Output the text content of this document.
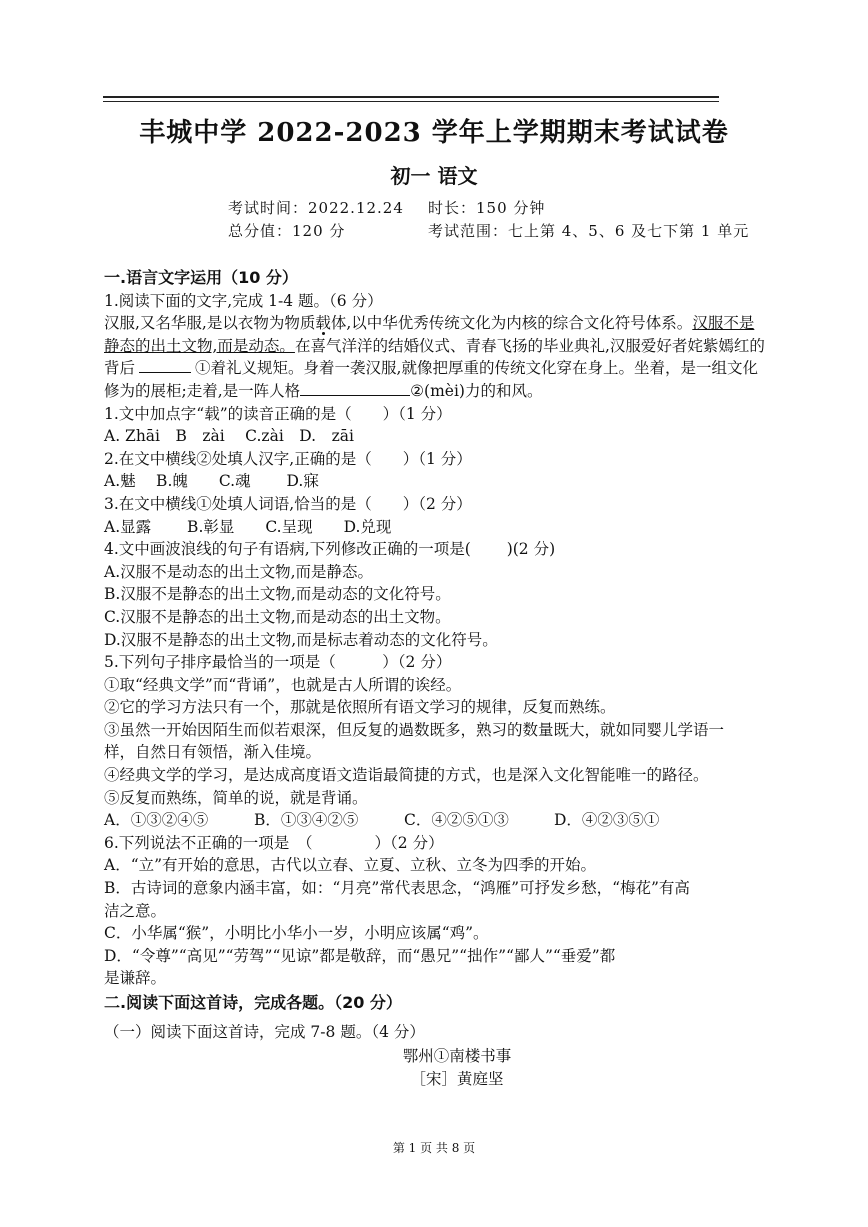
丰城中学 2022-2023 学年上学期期末考试试卷
初一 语文
考试时间：2022.12.24 时长：150 分钟
总分值：120 分	考试范围：七上第 4、5、6 及七下第 1 单元
一.语言文字运用（10 分）
1.阅读下面的文字,完成 1-4 题。（6 分）
汉服,又名华服,是以衣物为物质载体,以中华优秀传统文化为内核的综合文化符号体系。汉服不是
静态的出土文物,而是动态。在喜气洋洋的结婚仪式、青春飞扬的毕业典礼,汉服爱好者姹紫嫣红的
背后	①着礼义规矩。身着一袭汉服,就像把厚重的传统文化穿在身上。坐着，是一组文化
修为的展柜;走着,是一阵人格	②(mèi)力的和风。
1.文中加点字“载”的读音正确的是（　　）（1 分）
A. Zhāi　B　zài　 C.zài　D.　zāi
2.在文中横线②处填人汉字,正确的是（　　）（1 分）
A.魅　 B.魄　　C.魂　　 D.寐
3.在文中横线①处填人词语,恰当的是（　　）（2 分）
A.显露　　 B.彰显　　C.呈现　　D.兑现
4.文中画波浪线的句子有语病,下列修改正确的一项是(　　 )(2 分)
A.汉服不是动态的出土文物,而是静态。
B.汉服不是静态的出土文物,而是动态的文化符号。
C.汉服不是静态的出土文物,而是动态的出土文物。
D.汉服不是静态的出土文物,而是标志着动态的文化符号。
5.下列句子排序最恰当的一项是（　　　）（2 分）
①取“经典文学”而“背诵”，也就是古人所谓的诶经。
②它的学习方法只有一个，那就是依照所有语文学习的规律，反复而熟练。
③虽然一开始因陌生而似若艰深，但反复的過数既多，熟习的数量既大，就如同婴儿学语一
样，自然日有领悟，渐入佳境。
④经典文学的学习，是达成高度语文造诣最简捷的方式，也是深入文化智能唯一的路径。
⑤反复而熟练，简单的说，就是背诵。
A．①③②④⑤	B．①③④②⑤	C．④②⑤①③	D．④②③⑤①
6.下列说法不正确的一项是　（　　　　）（2 分）
A．“立”有开始的意思，古代以立春、立夏、立秋、立冬为四季的开始。
B．古诗词的意象内涵丰富，如：“月亮”常代表思念，“鸿雁”可抒发乡愁，“梅花”有高
洁之意。
C．小华属“猴”，小明比小华小一岁，小明应该属“鸡”。
D．“令尊”“高见”“劳驾”“见谅”都是敬辞，而“愚兄”“拙作”“鄙人”“垂爱”都
是谦辞。
二.阅读下面这首诗，完成各题。（20 分）
（一）阅读下面这首诗，完成 7-8 题。（4 分）
鄂州①南楼书事
［宋］黄庭坚
第 1 页 共 8 页
